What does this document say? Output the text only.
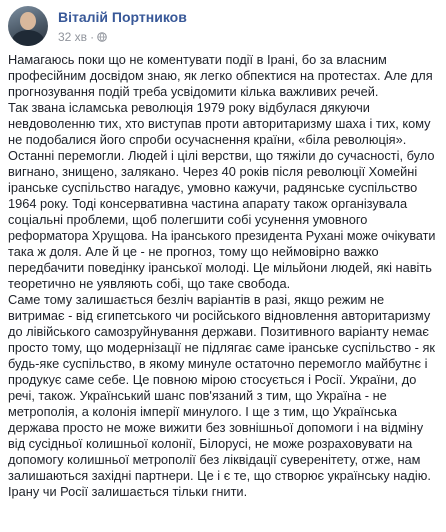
Віталій Портников
32 хв ·

Намагаюсь поки що не коментувати події в Ірані, бо за власним

професійним досвідом знаю, як легко обпектися на протестах. Але для

прогнозування подій треба усвідомити кілька важливих речей.

Так звана ісламська революція 1979 року відбулася дякуючи

невдоволенню тих, хто виступав проти авторитаризму шаха і тих, кому

не подобалися його спроби осучаснення країни, «біла революція».

Останні перемогли. Людей і цілі верстви, що тяжіли до сучасності, було

вигнано, знищено, залякано. Через 40 років після революції Хомейні

іранське суспільство нагадує, умовно кажучи, радянське суспільство

1964 року. Тоді консервативна частина апарату також організувала

соціальні проблеми, щоб полегшити собі усунення умовного

реформатора Хрущова. На іранського президента Рухані може очікувати

така ж доля. Але й це - не прогноз, тому що неймовірно важко

передбачити поведінку іранської молоді. Це мільйони людей, які навіть

теоретично не уявляють собі, що таке свобода.

Саме тому залишається безліч варіантів в разі, якщо режим не

витримає - від єгипетського чи російського відновлення авторитаризму

до лівійського самозруйнування держави. Позитивного варіанту немає

просто тому, що модернізації не підлягає саме іранське суспільство - як

будь-яке суспільство, в якому минуле остаточно перемогло майбутнє і

продукує саме себе. Це повною мірою стосується і Росії. України, до

речі, також. Український шанс пов'язаний з тим, що Україна - не

метрополія, а колонія імперії минулого. І ще з тим, що Українська

держава просто не може вижити без зовнішньої допомоги і на відміну

від сусідньої колишньої колонії, Білорусі, не може розраховувати на

допомогу колишньої метрополії без ліквідації суверенітету, отже, нам

залишаються західні партнери. Це і є те, що створює українську надію.

Ірану чи Росії залишається тільки гнити.
